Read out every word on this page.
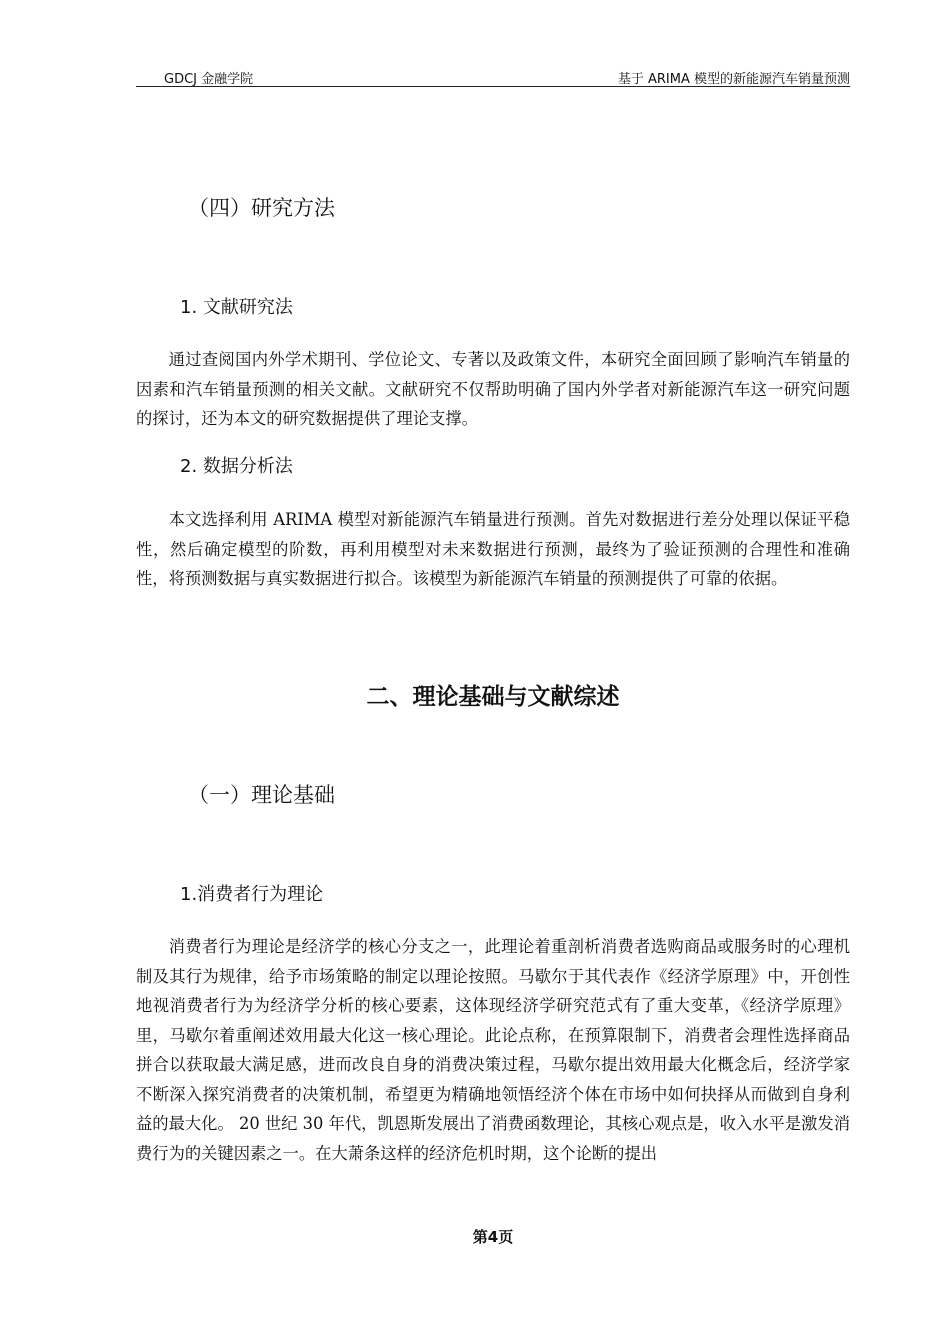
GDCJ 金融学院	基于 ARIMA 模型的新能源汽车销量预测
（四）研究方法
1. 文献研究法
通过查阅国内外学术期刊、学位论文、专著以及政策文件，本研究全面回顾了影响汽车销量的因素和汽车销量预测的相关文献。文献研究不仅帮助明确了国内外学者对新能源汽车这一研究问题的探讨，还为本文的研究数据提供了理论支撑。
2. 数据分析法
本文选择利用 ARIMA 模型对新能源汽车销量进行预测。首先对数据进行差分处理以保证平稳性，然后确定模型的阶数，再利用模型对未来数据进行预测，最终为了验证预测的合理性和准确性，将预测数据与真实数据进行拟合。该模型为新能源汽车销量的预测提供了可靠的依据。
二、理论基础与文献综述
（一）理论基础
1.消费者行为理论
消费者行为理论是经济学的核心分支之一，此理论着重剖析消费者选购商品或服务时的心理机制及其行为规律，给予市场策略的制定以理论按照。马歇尔于其代表作《经济学原理》中，开创性地视消费者行为为经济学分析的核心要素，这体现经济学研究范式有了重大变革，《经济学原理》里，马歇尔着重阐述效用最大化这一核心理论。此论点称，在预算限制下，消费者会理性选择商品拼合以获取最大满足感，进而改良自身的消费决策过程，马歇尔提出效用最大化概念后，经济学家不断深入探究消费者的决策机制，希望更为精确地领悟经济个体在市场中如何抉择从而做到自身利益的最大化。 20 世纪 30 年代，凯恩斯发展出了消费函数理论，其核心观点是，收入水平是激发消费行为的关键因素之一。在大萧条这样的经济危机时期，这个论断的提出
第4页
